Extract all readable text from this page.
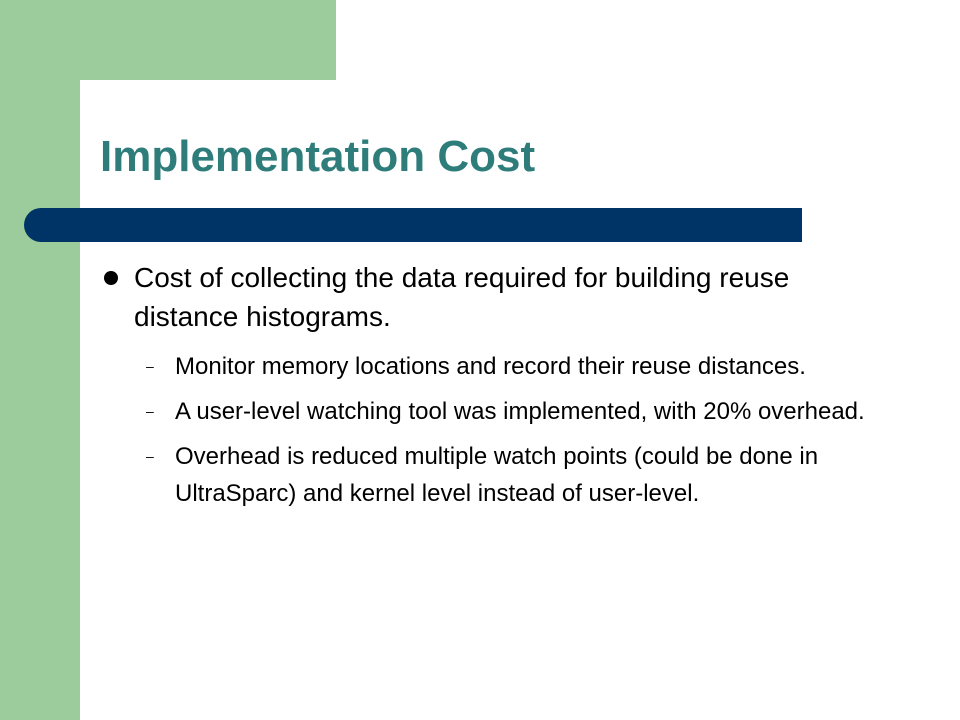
Implementation Cost
Cost of collecting the data required for building reuse distance histograms.
– Monitor memory locations and record their reuse distances.
– A user-level watching tool was implemented, with 20% overhead.
– Overhead is reduced multiple watch points (could be done in UltraSparc) and kernel level instead of user-level.
